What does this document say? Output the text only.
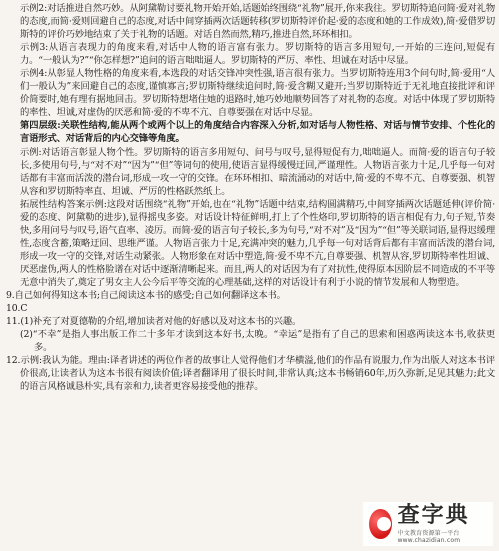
示例2:对话推进自然巧妙。从阿黛勒讨要礼物开始开始,话题始终围绕“礼物”展开,你来我往。罗切斯特追问简·爱对礼物的态度,而简·爱则回避自己的态度,对话中间穿插两次话题转移(罗切斯特评价起·爱的态度和她的工作成效),简·爱借罗切斯特的评价巧妙地结束了关于礼物的话题。对话自然而然,精巧,推进自然,环环相扣。

示例3:从语言表现力的角度来看,对话中人物的语言富有张力。罗切斯特的语言多用短句,一开始的三连问,短促有力。“一般认为?”“你怎样想?”追问的语言咄咄逼人。罗切斯特的严厉、率性、坦诚在对话中尽显。

示例4:从彰显人物性格的角度来看,本选段的对话交锋冲突性强,语言很有张力。当罗切斯特连用3个问句时,简·爱用“人们一般认为”来回避自己的态度,谨慎寡言;罗切斯特继续追问时,简·爱含糊又避开;当罗切斯特近于无礼地直接批评和评价简要时,她有理有据地回击。罗切斯特想堵住她的退路时,她巧妙地顺势回答了对礼物的态度。对话中体现了罗切斯特的率性、坦诚,对虚伪的厌恶和简·爱的不卑不亢、自尊要强在对话中尽显。

第四层级:关联性结构,能从两个或两个以上的角度结合内容深入分析,如对话与人物性格、对话与情节安排、个性化的言语形式、对话背后的内心交锋等角度。

示例:对话语言彰显人物个性。罗切斯特的语言多用短句、问号与叹号,显得短促有力,咄咄逼人。而简·爱的语言句子较长,多使用句号,与“对不对”“因为”“但”等词句的使用,使语言显得缓慢迂回,严谨理性。人物语言张力十足,几乎每一句对话都有丰富而活泼的潜台词,形成一攻一守的交锋。在环环相扣、暗流涌动的对话中,简·爱的不卑不亢、自尊要强、机智从容和罗切斯特率直、坦诚、严厉的性格跃然纸上。

拓展性结构答案示例:这段对话围绕“礼物”开始,也在“礼物”话题中结束,结构圆满精巧,中间穿插两次话题延伸(评价简·爱的态度、阿黛勒的进步),显得摇曳多姿。对话设计特征鲜明,打上了个性烙印,罗切斯特的语言相促有力,句子短,节奏快,多用问号与叹号,语气直率、凌厉。而简·爱的语言句子较长,多为句号,“对不对”及“因为”“但”等关联词语,显得迟缓理性,态度含蓄,策略迂回、思维严谨。人物语言张力十足,充满冲突的魅力,几乎每一句对话背后都有丰富而活泼的潜台词,形成一攻一守的交锋,对话生动紧张。人物形象在对话中塑造,简·爱不卑不亢,自尊要强、机智从容,罗切斯特率性坦诚、厌恶虚伪,两人的性格脸谱在对话中逐渐清晰起来。而且,两人的对话因为有了对抗性,使得原本因阶层不同造成的不平等无意中消失了,奠定了男女主人公今后平等交流的心理基础,这样的对话设计有利于小说的情节发展和人物塑造。

9.自己如何得知这本书;自己阅读这本书的感受;自己如何翻译这本书。

10.C

11.(1)补充了对夏德勒的介绍,增加读者对他的好感以及对这本书的兴趣。

(2)“不幸”是指人事出版工作二十多年才读到这本好书,太晚。“幸运”是指有了自己的思索和困惑两读这本书,收获更多。

12.示例:我认为能。理由:译者讲述的两位作者的故事让人觉得他们才华横溢,他们的作品有说服力,作为出版人对这本书评价很高,让读者认为这本书很有阅读价值;译者翻译用了很长时间,非常认真;这本书畅销60年,历久弥新,足见其魅力;此文的语言风格诚恳朴实,具有亲和力,读者更容易接受他的推荐。

查字典
中文教育资源第一平台 www.chazidian.com
